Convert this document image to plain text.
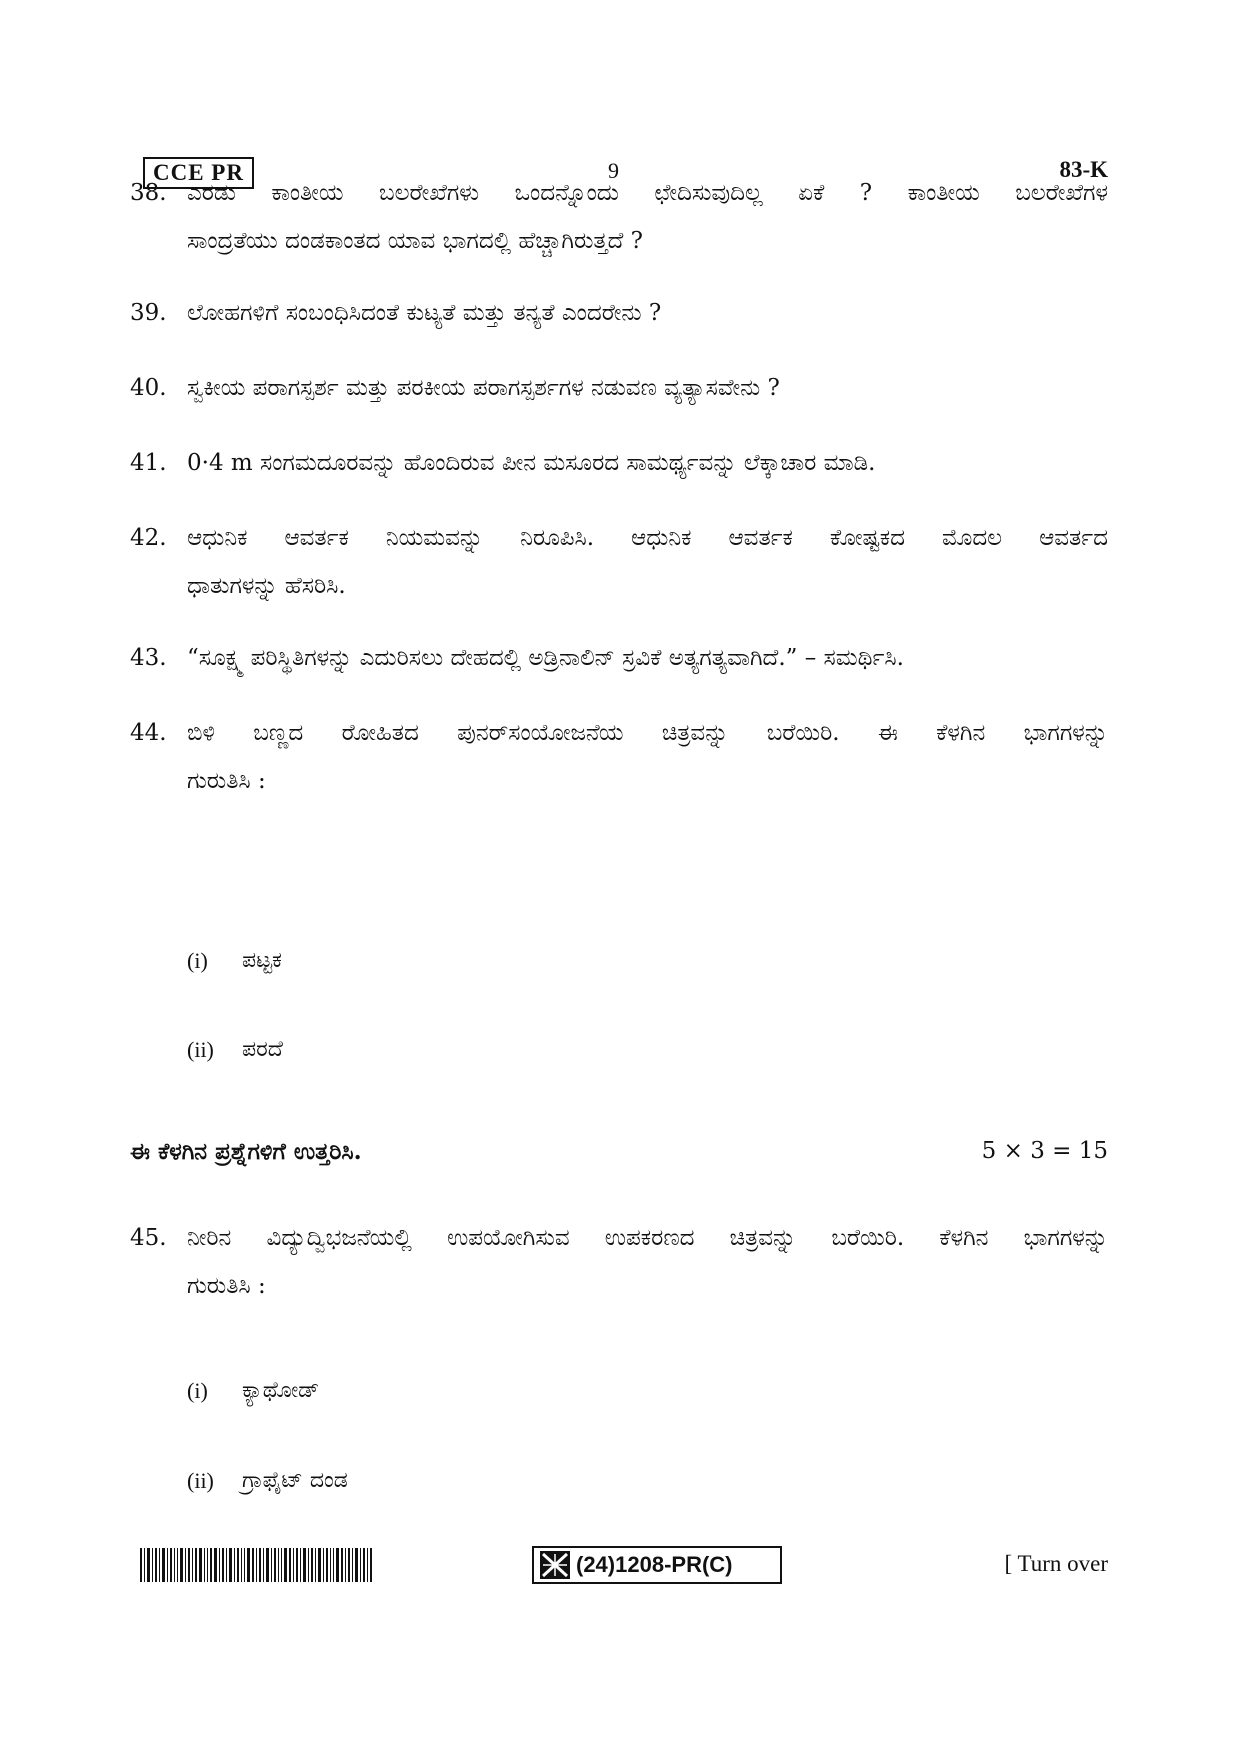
CCE PR	9	83-K
38. ಎರಡು ಕಾಂತೀಯ ಬಲರೇಖೆಗಳು ಒಂದನ್ನೊಂದು ಛೇದಿಸುವುದಿಲ್ಲ ಏಕೆ ? ಕಾಂತೀಯ ಬಲರೇಖೆಗಳ
ಸಾಂದ್ರತೆಯು ದಂಡಕಾಂತದ ಯಾವ ಭಾಗದಲ್ಲಿ ಹೆಚ್ಚಾಗಿರುತ್ತದೆ ?
39. ಲೋಹಗಳಿಗೆ ಸಂಬಂಧಿಸಿದಂತೆ ಕುಟ್ಯತೆ ಮತ್ತು ತನ್ಯತೆ ಎಂದರೇನು ?
40. ಸ್ವಕೀಯ ಪರಾಗಸ್ಪರ್ಶ ಮತ್ತು ಪರಕೀಯ ಪರಾಗಸ್ಪರ್ಶಗಳ ನಡುವಣ ವ್ಯತ್ಯಾಸವೇನು ?
41. 0·4 m ಸಂಗಮದೂರವನ್ನು ಹೊಂದಿರುವ ಪೀನ ಮಸೂರದ ಸಾಮರ್ಥ್ಯವನ್ನು ಲೆಕ್ಕಾಚಾರ ಮಾಡಿ.
42. ಆಧುನಿಕ ಆವರ್ತಕ ನಿಯಮವನ್ನು ನಿರೂಪಿಸಿ. ಆಧುನಿಕ ಆವರ್ತಕ ಕೋಷ್ಟಕದ ಮೊದಲ ಆವರ್ತದ
ಧಾತುಗಳನ್ನು ಹೆಸರಿಸಿ.
43. “ಸೂಕ್ಷ್ಮ ಪರಿಸ್ಥಿತಿಗಳನ್ನು ಎದುರಿಸಲು ದೇಹದಲ್ಲಿ ಅಡ್ರಿನಾಲಿನ್ ಸ್ರವಿಕೆ ಅತ್ಯಗತ್ಯವಾಗಿದೆ.” – ಸಮರ್ಥಿಸಿ.
44. ಬಿಳಿ ಬಣ್ಣದ ರೋಹಿತದ ಪುನರ್‌ಸಂಯೋಜನೆಯ ಚಿತ್ರವನ್ನು ಬರೆಯಿರಿ. ಈ ಕೆಳಗಿನ ಭಾಗಗಳನ್ನು
ಗುರುತಿಸಿ :
(i) ಪಟ್ಟಕ
(ii) ಪರದೆ
ಈ ಕೆಳಗಿನ ಪ್ರಶ್ನೆಗಳಿಗೆ ಉತ್ತರಿಸಿ.	5 × 3 = 15
45. ನೀರಿನ ವಿದ್ಯುದ್ವಿಭಜನೆಯಲ್ಲಿ ಉಪಯೋಗಿಸುವ ಉಪಕರಣದ ಚಿತ್ರವನ್ನು ಬರೆಯಿರಿ. ಕೆಳಗಿನ ಭಾಗಗಳನ್ನು
ಗುರುತಿಸಿ :
(i) ಕ್ಯಾಥೋಡ್
(ii) ಗ್ರಾಫೈಟ್ ದಂಡ
(24)1208-PR(C)	[ Turn over
